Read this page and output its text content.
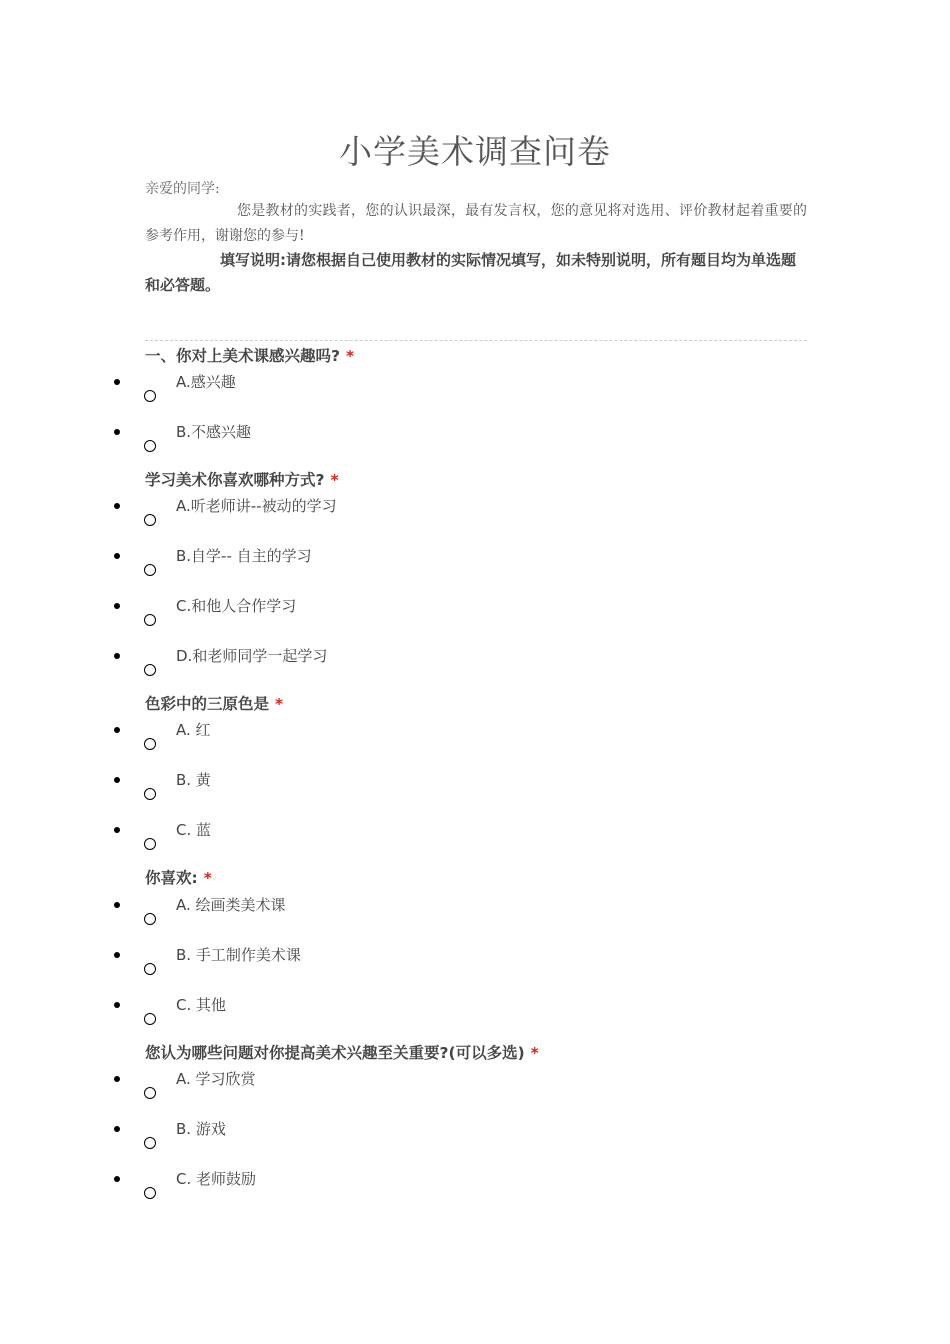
小学美术调查问卷
亲爱的同学:
您是教材的实践者，您的认识最深，最有发言权，您的意见将对选用、评价教材起着重要的参考作用，谢谢您的参与!
填写说明:请您根据自己使用教材的实际情况填写，如未特别说明，所有题目均为单选题和必答题。
一、你对上美术课感兴趣吗? *
A.感兴趣
B.不感兴趣
学习美术你喜欢哪种方式? *
A.听老师讲--被动的学习
B.自学-- 自主的学习
C.和他人合作学习
D.和老师同学一起学习
色彩中的三原色是 *
A. 红
B. 黄
C. 蓝
你喜欢: *
A. 绘画类美术课
B. 手工制作美术课
C. 其他
您认为哪些问题对你提高美术兴趣至关重要?(可以多选) *
A. 学习欣赏
B. 游戏
C. 老师鼓励
